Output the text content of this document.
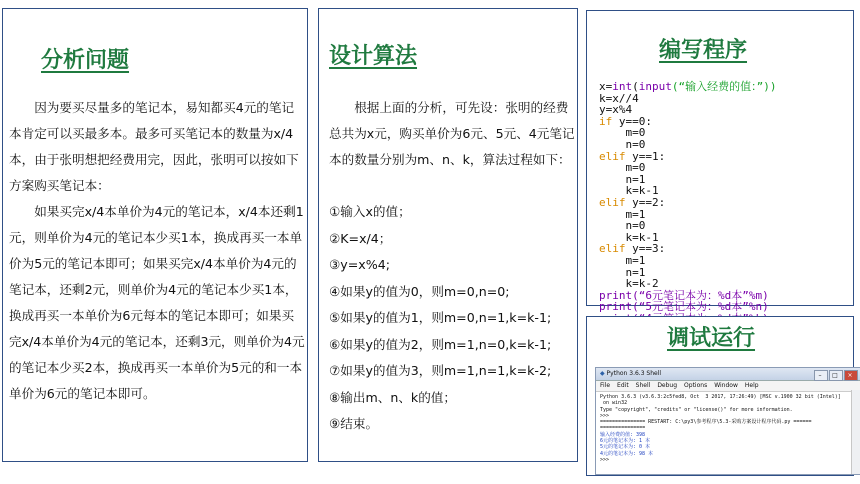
分析问题

因为要买尽量多的笔记本，易知都买4元的笔记本肯定可以买最多本。最多可买笔记本的数量为x/4本，由于张明想把经费用完，因此，张明可以按如下方案购买笔记本：

如果买完x/4本单价为4元的笔记本，x/4本还剩1元，则单价为4元的笔记本少买1本，换成再买一本单价为5元的笔记本即可；如果买完x/4本单价为4元的笔记本，还剩2元，则单价为4元的笔记本少买1本，换成再买一本单价为6元每本的笔记本即可；如果买完x/4本单价为4元的笔记本，还剩3元，则单价为4元的笔记本少买2本，换成再买一本单价为5元的和一本单价为6元的笔记本即可。

设计算法

根据上面的分析，可先设：张明的经费总共为x元，购买单价为6元、5元、4元笔记本的数量分别为m、n、k，算法过程如下：

①输入x的值；
②K=x/4；
③y=x%4;
④如果y的值为0，则m=0,n=0;
⑤如果y的值为1，则m=0,n=1,k=k-1;
⑥如果y的值为2，则m=1,n=0,k=k-1;
⑦如果y的值为3，则m=1,n=1,k=k-2;
⑧输出m、n、k的值；
⑨结束。
编写程序
x=int(input(“输入经费的值：”))
k=x//4
y=x%4
if y==0:
m=0
n=0
elif y==1:
m=0
n=1
k=k-1
elif y==2:
m=1
n=0
k=k-1
elif y==3:
m=1
n=1
k=k-2
print(“6元笔记本为：%d本”%m)
print(“5元笔记本为：%d本”%n)
调试运行
◆ Python 3.6.3 Shell	– □ ×
File Edit Shell Debug Options Window Help
Python 3.6.3 (v3.6.3:2c5fed8, Oct  3 2017, 17:26:49) [MSC v.1900 32 bit (Intel)]
on win32
Type "copyright", "credits" or "license()" for more information.
>>>
=============== RESTART: C:\py3\参考程序\5.3-采购方案设计程序代码.py ======
===============
输入经费的值: 398
6元的笔记本为: 1 本
5元的笔记本为: 0 本
4元的笔记本为: 98 本
>>>
